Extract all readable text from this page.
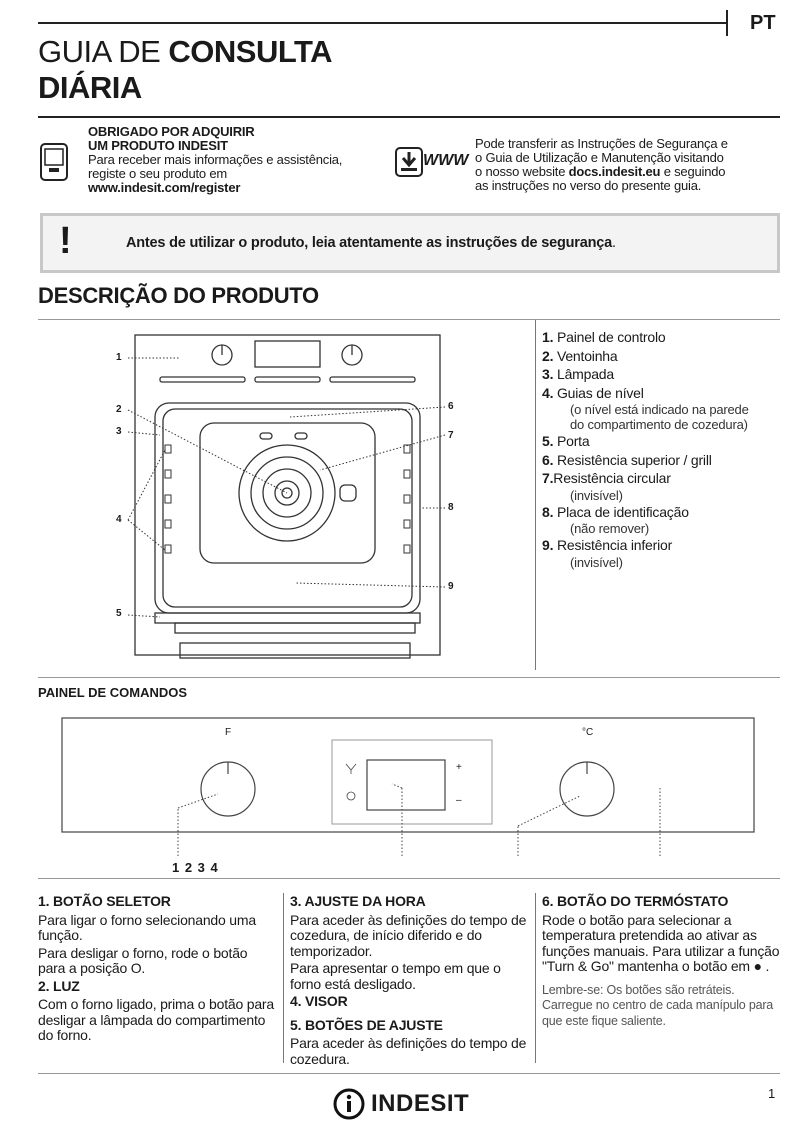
PT
GUIA DE CONSULTA
DIÁRIA
OBRIGADO POR ADQUIRIR
UM PRODUTO INDESIT
Para receber mais informações e assistência,
registe o seu produto em
www.indesit.com/register
WWW
Pode transferir as Instruções de Segurança e
o Guia de Utilização e Manutenção visitando
o nosso website docs.indesit.eu e seguindo
as instruções no verso do presente guia.
!	Antes de utilizar o produto, leia atentamente as instruções de segurança.
DESCRIÇÃO DO PRODUTO
1
2
3
4
5
6
7
8
9
1. Painel de controlo
2. Ventoinha
3. Lâmpada
4. Guias de nível
(o nível está indicado na parede
do compartimento de cozedura)
5. Porta
6. Resistência superior / grill
7.Resistência circular
(invisível)
8. Placa de identificação
(não remover)
9. Resistência inferior
(invisível)
PAINEL DE COMANDOS
F	°C
+
–
1 2 3 4
1. BOTÃO SELETOR

Para ligar o forno selecionando uma função.

Para desligar o forno, rode o botão para a posição O.

2. LUZ

Com o forno ligado, prima o botão para desligar a lâmpada do compartimento do forno.

3. AJUSTE DA HORA

Para aceder às definições do tempo de cozedura, de início diferido e do temporizador.

Para apresentar o tempo em que o forno está desligado.

4. VISOR
5. BOTÕES DE AJUSTE

Para aceder às definições do tempo de cozedura.

6. BOTÃO DO TERMÓSTATO

Rode o botão para selecionar a temperatura pretendida ao ativar as funções manuais. Para utilizar a função "Turn & Go" mantenha o botão em ● .

Lembre-se: Os botões são retráteis. Carregue no centro de cada manípulo para que este fique saliente.

INDESIT	1
